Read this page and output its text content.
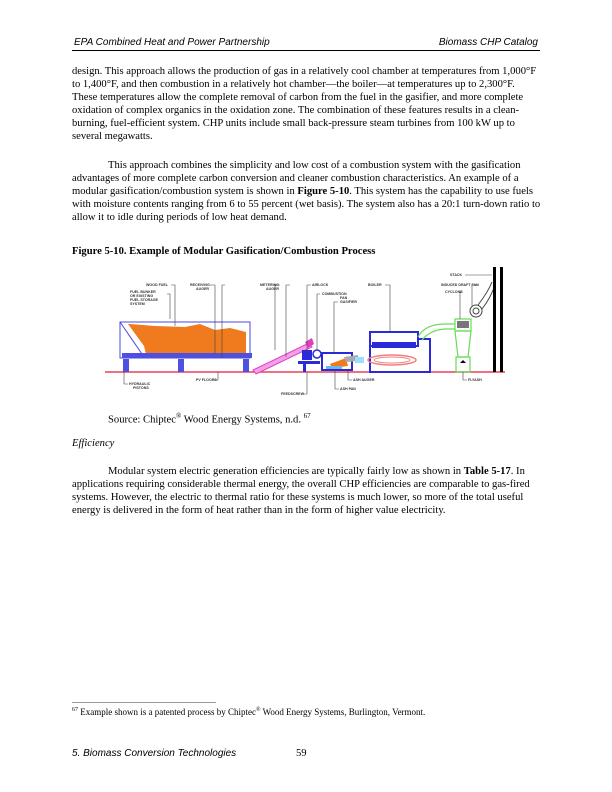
EPA Combined Heat and Power Partnership	Biomass CHP Catalog
design. This approach allows the production of gas in a relatively cool chamber at temperatures from 1,000°F to 1,400°F, and then combustion in a relatively hot chamber—the boiler—at temperatures up to 2,300°F. These temperatures allow the complete removal of carbon from the fuel in the gasifier, and more complete oxidation of complex organics in the oxidation zone. The combination of these features results in a clean-burning, fuel-efficient system. CHP units include small back-pressure steam turbines from 100 kW up to several megawatts.
This approach combines the simplicity and low cost of a combustion system with the gasification advantages of more complete carbon conversion and cleaner combustion characteristics. An example of a modular gasification/combustion system is shown in Figure 5-10. This system has the capability to use fuels with moisture contents ranging from 6 to 55 percent (wet basis). The system also has a 20:1 turn-down ratio to allow it to idle during periods of low heat demand.
Figure 5-10. Example of Modular Gasification/Combustion Process
WOOD FUEL
FUEL BUNKER
OR EXISTING
FUEL STORAGE
SYSTEM
RECEIVING
AUGER
METERING
AUGER
AIRLOCK
COMBUSTION
FAN
GASIFIER
BOILER
STACK
INDUCED DRAFT FAN
CYCLONE
HYDRAULIC
PISTONS
PV FLOORS
FEEDSCREW
ASH AUGER
ASH PAN
FLYASH
Source: Chiptec® Wood Energy Systems, n.d. $^{67}$
Efficiency
Modular system electric generation efficiencies are typically fairly low as shown in Table 5-17. In applications requiring considerable thermal energy, the overall CHP efficiencies are comparable to gas-fired systems. However, the electric to thermal ratio for these systems is much lower, so more of the total useful energy is delivered in the form of heat rather than in the form of higher value electricity.
$^{67}$ Example shown is a patented process by Chiptec® Wood Energy Systems, Burlington, Vermont.
5. Biomass Conversion Technologies	59
